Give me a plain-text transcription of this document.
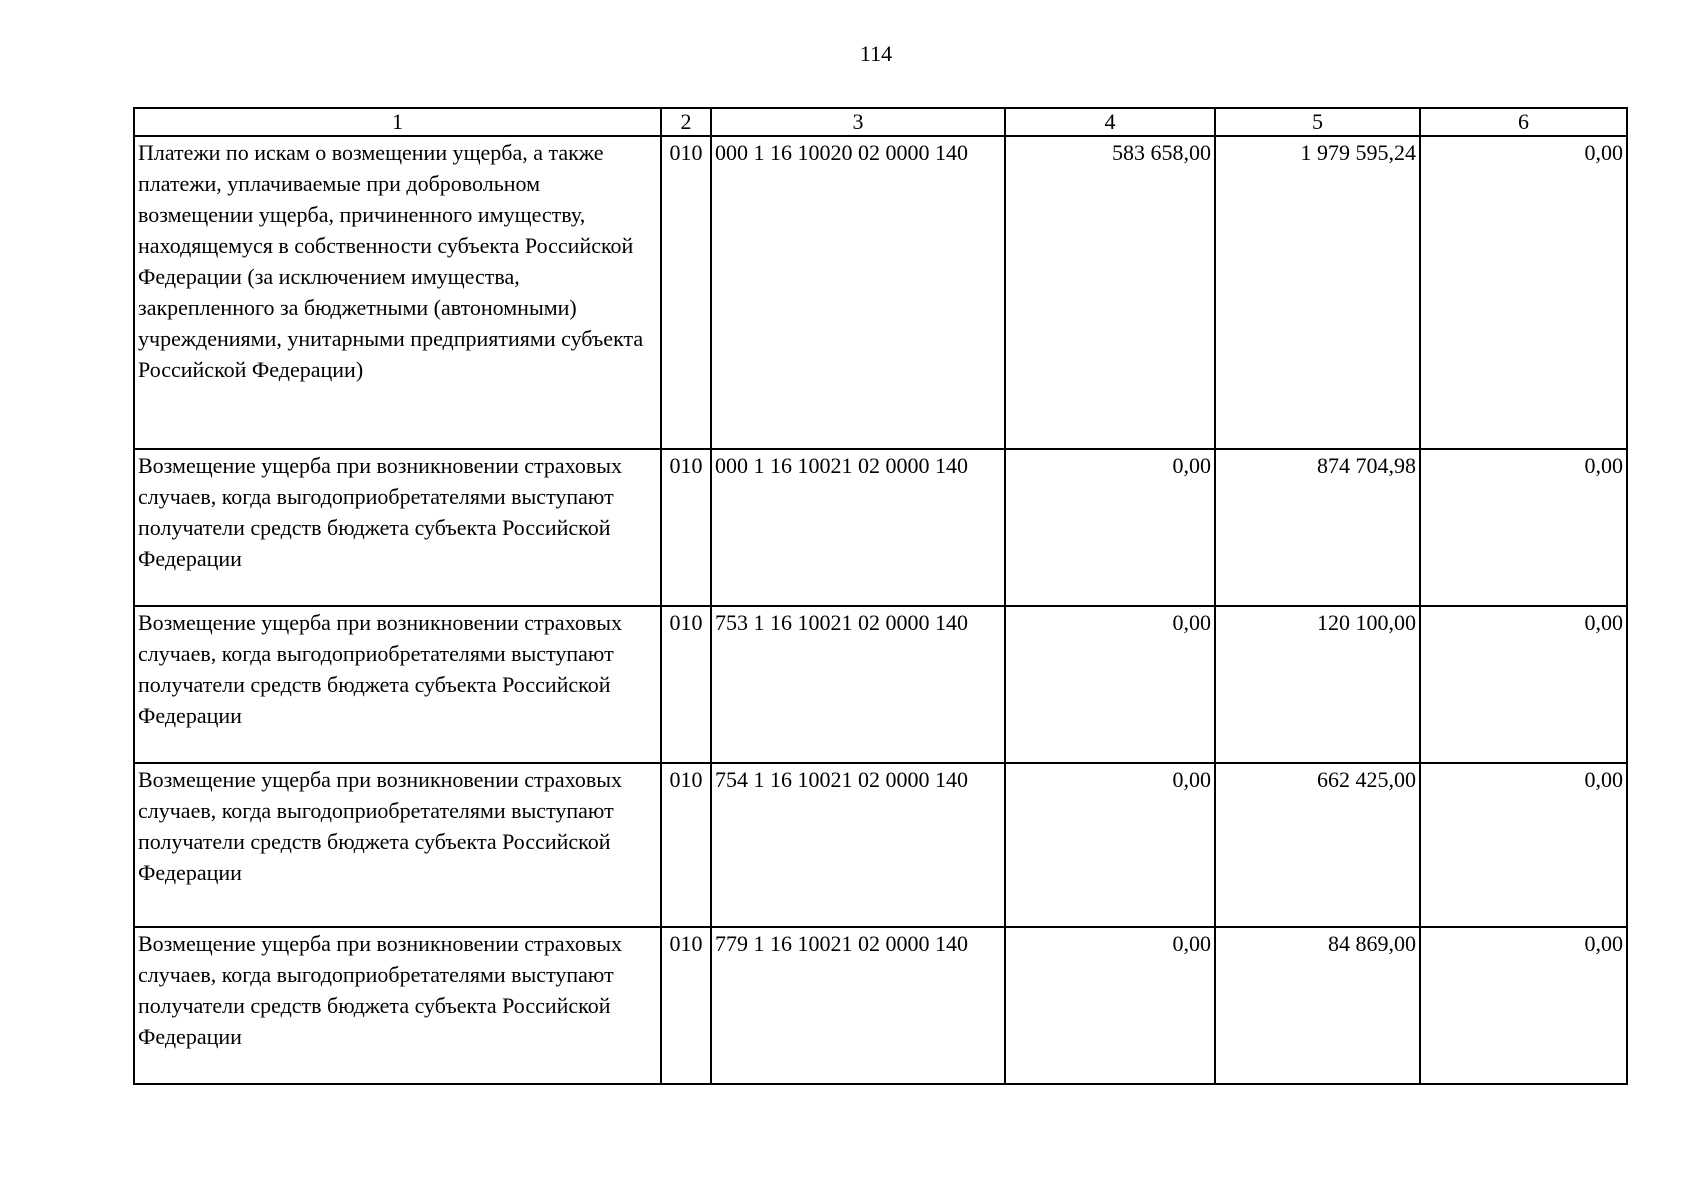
114
1	2	3	4	5	6
Платежи по искам о возмещении ущерба, а также платежи, уплачиваемые при добровольном возмещении ущерба, причиненного имуществу, находящемуся в собственности субъекта Российской Федерации (за исключением имущества, закрепленного за бюджетными (автономными) учреждениями, унитарными предприятиями субъекта Российской Федерации)	010	000 1 16 10020 02 0000 140	583 658,00	1 979 595,24	0,00
Возмещение ущерба при возникновении страховых случаев, когда выгодоприобретателями выступают получатели средств бюджета субъекта Российской Федерации	010	000 1 16 10021 02 0000 140	0,00	874 704,98	0,00
Возмещение ущерба при возникновении страховых случаев, когда выгодоприобретателями выступают получатели средств бюджета субъекта Российской Федерации	010	753 1 16 10021 02 0000 140	0,00	120 100,00	0,00
Возмещение ущерба при возникновении страховых случаев, когда выгодоприобретателями выступают получатели средств бюджета субъекта Российской Федерации	010	754 1 16 10021 02 0000 140	0,00	662 425,00	0,00
Возмещение ущерба при возникновении страховых случаев, когда выгодоприобретателями выступают получатели средств бюджета субъекта Российской Федерации	010	779 1 16 10021 02 0000 140	0,00	84 869,00	0,00
